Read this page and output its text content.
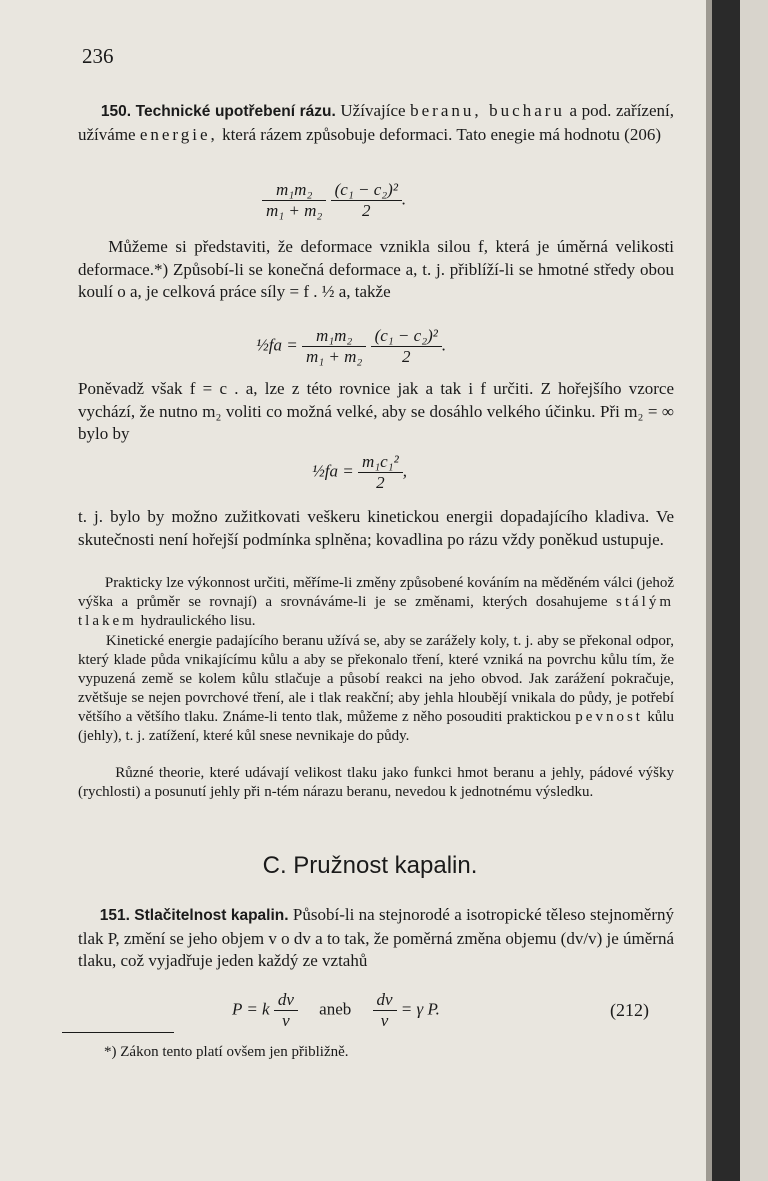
236
150. Technické upotřebení rázu. Užívajíce beranu, bucharu a pod. zařízení, užíváme energie, která rázem způsobuje deformaci. Tato enegie má hodnotu (206)
$\frac{\text{m₁m₂}}{\text{m₁ + m₂}}$
$\frac{\text{(c₁ − c₂)²}}{2}$ .
Můžeme si představiti, že deformace vznikla silou f, která je úměrná velikosti deformace.*) Způsobí-li se konečná deformace a, t. j. přiblíží-li se hmotné středy obou koulí o a, je celková práce síly = f . ½ a, takže
½fa = $\frac{\text{m₁m₂}}{\text{m₁ + m₂}}$
$\frac{\text{(c₁ − c₂)²}}{2}$ .
Poněvadž však f = c . a, lze z této rovnice jak a tak i f určiti. Z hořejšího vzorce vychází, že nutno m₂ voliti co možná velké, aby se dosáhlo velkého účinku. Při m₂ = ∞ bylo by
½fa = $\frac{\text{m₁c₁²}}{2}$ ,
t. j. bylo by možno zužitkovati veškeru kinetickou energii dopadajícího kladiva. Ve skutečnosti není hořejší podmínka splněna; kovadlina po rázu vždy poněkud ustupuje.
Prakticky lze výkonnost určiti, měříme-li změny způsobené kováním na měděném válci (jehož výška a průměr se rovnají) a srovnáváme-li je se změnami, kterých dosahujeme stálým tlakem hydraulického lisu.
Kinetické energie padajícího beranu užívá se, aby se zarážely koly, t. j. aby se překonal odpor, který klade půda vnikajícímu kůlu a aby se překonalo tření, které vzniká na povrchu kůlu tím, že vypuzená země se kolem kůlu stlačuje a působí reakci na jeho obvod. Jak zarážení pokračuje, zvětšuje se nejen povrchové tření, ale i tlak reakční; aby jehla hloubějí vnikala do půdy, je potřebí většího a většího tlaku. Známe-li tento tlak, můžeme z něho posouditi praktickou pevnost kůlu (jehly), t. j. zatížení, které kůl snese nevnikaje do půdy.
Různé theorie, které udávají velikost tlaku jako funkci hmot beranu a jehly, pádové výšky (rychlosti) a posunutí jehly při n-tém nárazu beranu, nevedou k jednotnému výsledku.
C. Pružnost kapalin.
151. Stlačitelnost kapalin. Působí-li na stejnorodé a isotropické těleso stejnoměrný tlak P, změní se jeho objem v o dv a to tak, že poměrná změna objemu (dv/v) je úměrná tlaku, což vyjadřuje jeden každý ze vztahů
P = k $\frac{dv}{v}$ aneb $\frac{dv}{v} = \gamma$ P.	(212)
*) Zákon tento platí ovšem jen přibližně.
